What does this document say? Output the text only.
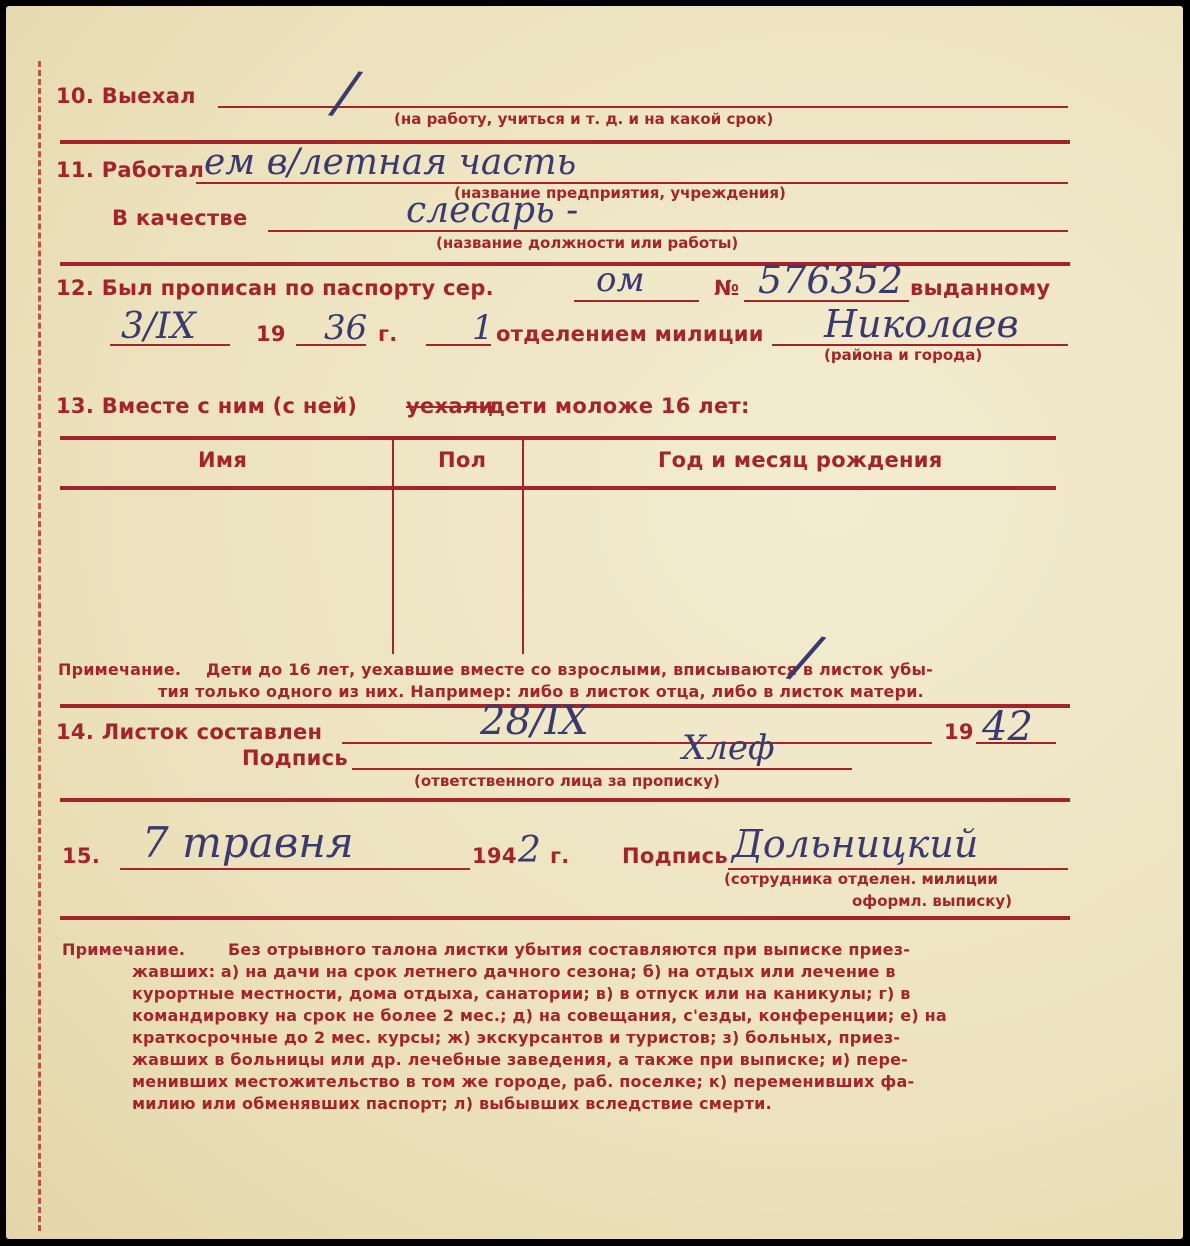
10. Выехал / (на работу, учиться и т. д. и на какой срок)
11. Работал ем в/летная часть
(название предприятия, учреждения)
В качестве	слесарь -
(название должности или работы)
12. Был прописан по паспорту сер.	ом	№ 576352 выданному
3/IX	19 36 г. 1 отделением милиции Николаев
(района и города)
13. Вместе с ним (с ней) уехали
дети моложе 16 лет:
Имя	Пол	Год и месяц рождения
Примечание. Дети до 16 лет, уехавшие вместе со взрослыми, вписываются в листок убы-
тия только одного из них. Например: либо в листок отца, либо в листок матери.
/
14. Листок составлен	28/IX	19 42
Подпись	Хлеф
(ответственного лица за прописку)
15. 7 травня	194 2 г. Подпись Дольницкий
(сотрудника отделен. милиции
оформл. выписку)
Примечание.	Без отрывного талона листки убытия составляются при выписке приез-
жавших: а) на дачи на срок летнего дачного сезона; б) на отдых или лечение в
курортные местности, дома отдыха, санатории; в) в отпуск или на каникулы; г) в
командировку на срок не более 2 мес.; д) на совещания, с'езды, конференции; е) на
краткосрочные до 2 мес. курсы; ж) экскурсантов и туристов; з) больных, приез-
жавших в больницы или др. лечебные заведения, а также при выписке; и) пере-
менивших местожительство в том же городе, раб. поселке; к) переменивших фа-
милию или обменявших паспорт; л) выбывших вследствие смерти.
